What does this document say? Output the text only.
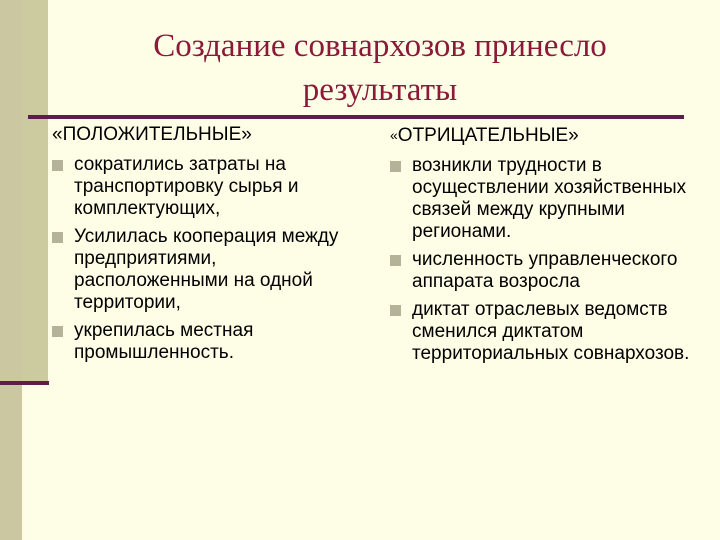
Создание совнархозов принесло
результаты
«ПОЛОЖИТЕЛЬНЫЕ»
сократились затраты на транспортировку сырья и комплектующих,
Усилилась кооперация между предприятиями, расположенными на одной территории,
укрепилась местная промышленность.
«ОТРИЦАТЕЛЬНЫЕ»
возникли трудности в осуществлении хозяйственных связей между крупными регионами.
численность управленческого аппарата возросла
диктат отраслевых ведомств сменился диктатом территориальных совнархозов.
